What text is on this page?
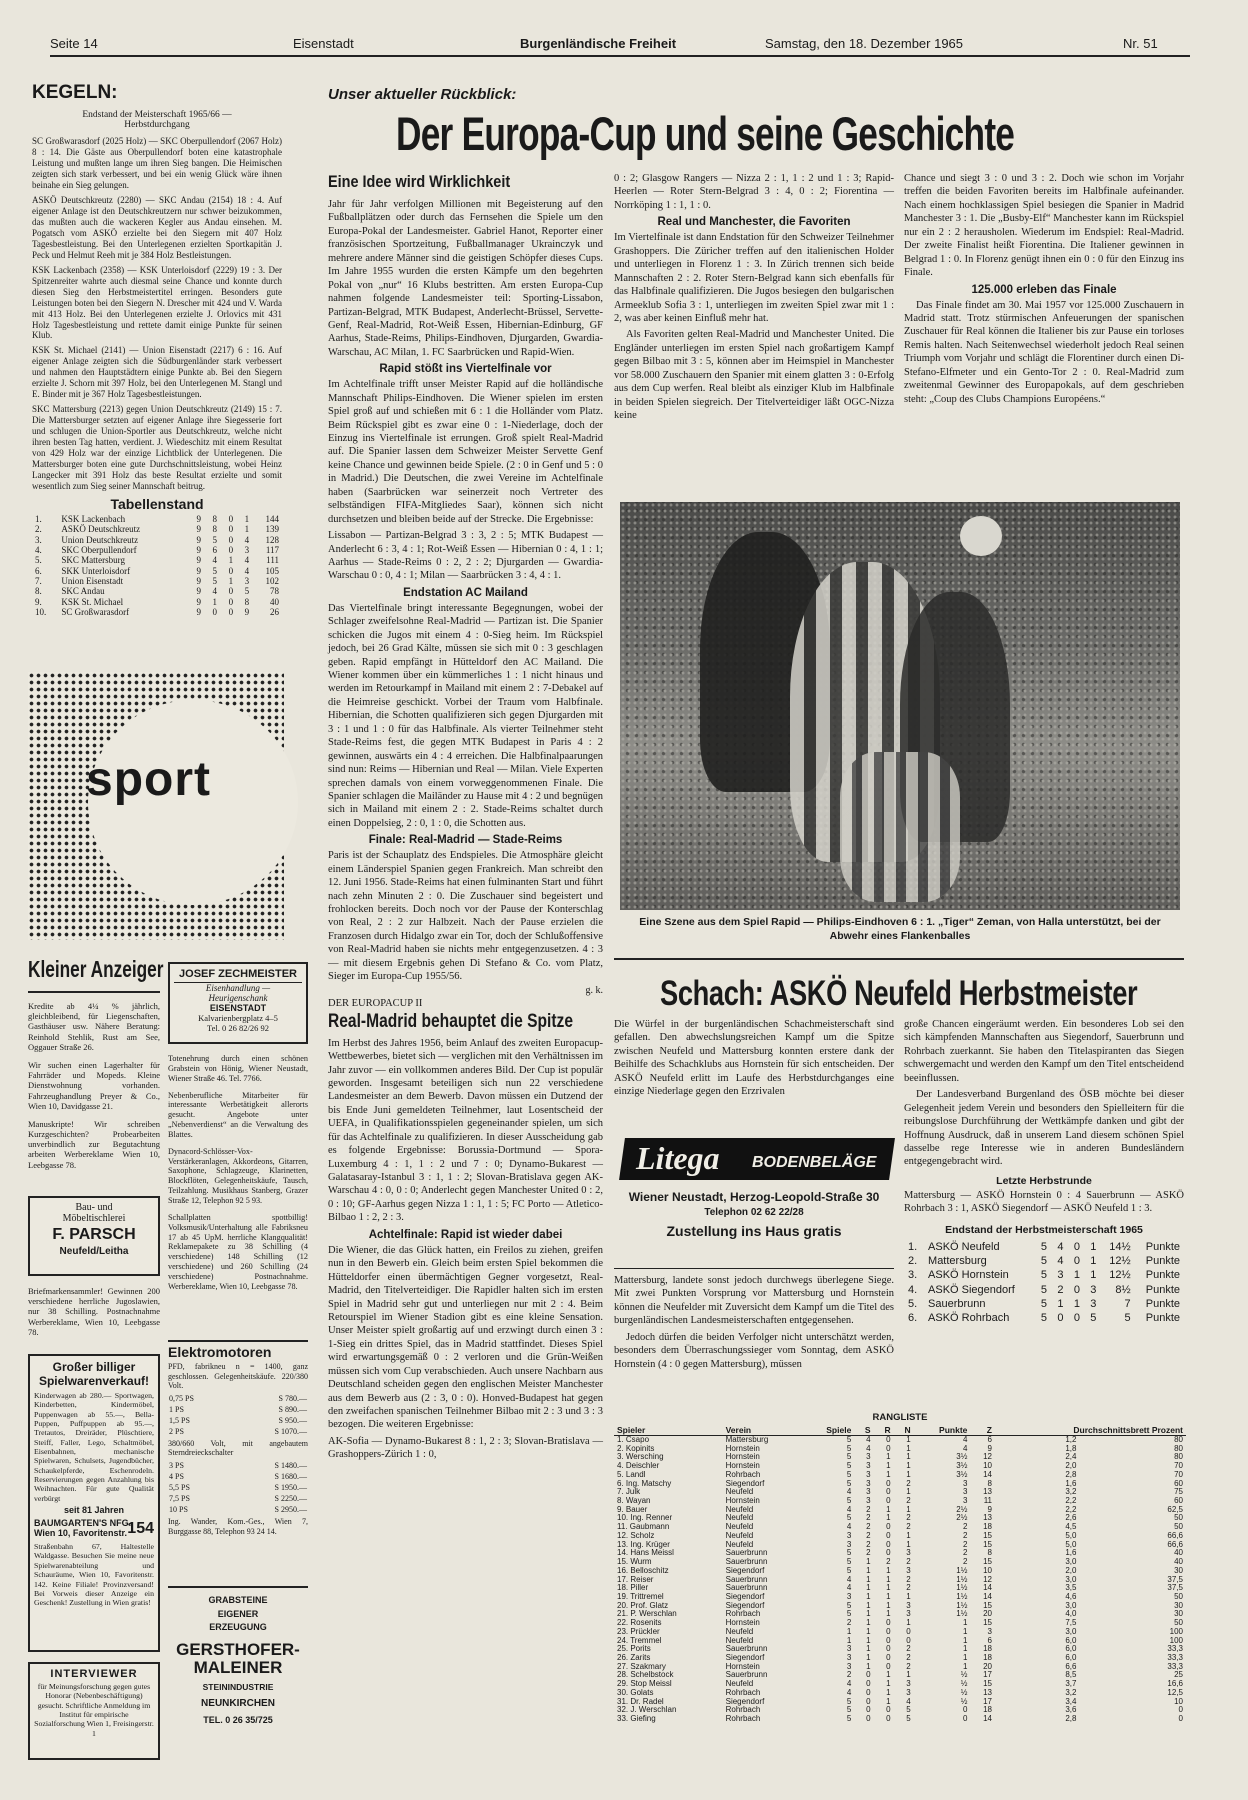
Seite 14	Eisenstadt	Burgenländische Freiheit	Samstag, den 18. Dezember 1965	Nr. 51
KEGELN:
Endstand der Meisterschaft 1965/66 —
Herbstdurchgang

SC Großwarasdorf (2025 Holz) — SKC Oberpullendorf (2067 Holz) 8 : 14. Die Gäste aus Oberpullendorf boten eine katastrophale Leistung und mußten lange um ihren Sieg bangen. Die Heimischen zeigten sich stark verbessert, und bei ein wenig Glück wäre ihnen beinahe ein Sieg gelungen.

ASKÖ Deutschkreutz (2280) — SKC Andau (2154) 18 : 4. Auf eigener Anlage ist den Deutschkreutzern nur schwer beizukommen, das mußten auch die wackeren Kegler aus Andau einsehen. M. Pogatsch vom ASKÖ erzielte bei den Siegern mit 407 Holz Tagesbestleistung. Bei den Unterlegenen erzielten Sportkapitän J. Peck und Helmut Reeh mit je 384 Holz Bestleistungen.

KSK Lackenbach (2358) — KSK Unterloisdorf (2229) 19 : 3. Der Spitzenreiter wahrte auch diesmal seine Chance und konnte durch diesen Sieg den Herbstmeistertitel erringen. Besonders gute Leistungen boten bei den Siegern N. Drescher mit 424 und V. Warda mit 413 Holz. Bei den Unterlegenen erzielte J. Orlovics mit 431 Holz Tagesbestleistung und rettete damit einige Punkte für seinen Klub.

KSK St. Michael (2141) — Union Eisenstadt (2217) 6 : 16. Auf eigener Anlage zeigten sich die Südburgenländer stark verbessert und nahmen den Hauptstädtern einige Punkte ab. Bei den Siegern erzielte J. Schorn mit 397 Holz, bei den Unterlegenen M. Stangl und E. Binder mit je 367 Holz Tagesbestleistungen.

SKC Mattersburg (2213) gegen Union Deutschkreutz (2149) 15 : 7. Die Mattersburger setzten auf eigener Anlage ihre Siegesserie fort und schlugen die Union-Sportler aus Deutschkreutz, welche nicht ihren besten Tag hatten, verdient. J. Wiedeschitz mit einem Resultat von 429 Holz war der einzige Lichtblick der Unterlegenen. Die Mattersburger boten eine gute Durchschnittsleistung, wobei Heinz Langecker mit 391 Holz das beste Resultat erzielte und somit wesentlich zum Sieg seiner Mannschaft beitrug.

Tabellenstand
1.	KSK Lackenbach	9	8	0	1	144
2.	ASKÖ Deutschkreutz	9	8	0	1	139
3.	Union Deutschkreutz	9	5	0	4	128
4.	SKC Oberpullendorf	9	6	0	3	117
5.	SKC Mattersburg	9	4	1	4	111
6.	SKK Unterloisdorf	9	5	0	4	105
7.	Union Eisenstadt	9	5	1	3	102
8.	SKC Andau	9	4	0	5	78
9.	KSK St. Michael	9	1	0	8	40
10.	SC Großwarasdorf	9	0	0	9	26
sport
Kleiner Anzeiger

Kredite ab 4¼ % jährlich, gleichbleibend, für Liegenschaften, Gasthäuser usw. Nähere Beratung: Reinhold Stehlik, Rust am See, Oggauer Straße 26.

Wir suchen einen Lagerhalter für Fahrräder und Mopeds. Kleine Dienstwohnung vorhanden. Fahrzeughandlung Preyer & Co., Wien 10, Davidgasse 21.

Manuskripte! Wir schreiben Kurzgeschichten? Probearbeiten unverbindlich zur Begutachtung arbeiten Werbereklame Wien 10, Leebgasse 78.

Bau- und
Möbeltischlerei
F. PARSCH
Neufeld/Leitha

Briefmarkensammler! Gewinnen 200 verschiedene herrliche Jugoslawien, nur 38 Schilling. Postnachnahme Werbereklame, Wien 10, Leebgasse 78.

Großer billiger
Spielwarenverkauf!
Kinderwagen ab 280.— Sportwagen, Kinderbetten, Kindermöbel, Puppenwagen ab 55.—, Bella-Puppen, Puffpuppen ab 95.—, Tretautos, Dreiräder, Plüschtiere, Steiff, Faller, Lego, Schaltmöbel, Eisenbahnen, mechanische Spielwaren, Schulsets, Jugendbücher, Schaukelpferde, Eschenrodeln. Reservierungen gegen Anzahlung bis Weihnachten. Für gute Qualität verbürgt
seit 81 Jahren
BAUMGARTEN'S NFG.
Wien 10, Favoritenstr. 154
Straßenbahn 67, Haltestelle Waldgasse. Besuchen Sie meine neue Spielwarenabteilung und Schauräume, Wien 10, Favoritenstr. 142. Keine Filiale! Provinzversand! Bei Vorweis dieser Anzeige ein Geschenk! Zustellung in Wien gratis!
INTERVIEWER
für Meinungsforschung gegen gutes Honorar (Nebenbeschäftigung) gesucht. Schriftliche Anmeldung im Institut für empirische Sozialforschung Wien 1, Freisingerstr. 1
JOSEF ZECHMEISTER
Eisenhandlung —
Heurigenschank
EISENSTADT
Kalvarienbergplatz 4–5
Tel. 0 26 82/26 92

Totenehrung durch einen schönen Grabstein von Hönig, Wiener Neustadt, Wiener Straße 46. Tel. 7766.

Nebenberufliche Mitarbeiter für interessante Werbetätigkeit allerorts gesucht. Angebote unter „Nebenverdienst“ an die Verwaltung des Blattes.

Dynacord-Schlösser-Vox-Verstärkeranlagen, Akkordeons, Gitarren, Saxophone, Schlagzeuge, Klarinetten, Blockflöten, Gelegenheitskäufe, Tausch, Teilzahlung. Musikhaus Stanberg, Grazer Straße 12, Telephon 92 5 93.

Schallplatten spottbillig! Volksmusik/Unterhaltung alle Fabriksneu 17 ab 45 UpM. herrliche Klangqualität! Reklamepakete zu 38 Schilling (4 verschiedene) 148 Schilling (12 verschiedene) und 260 Schilling (24 verschiedene) Postnachnahme. Werbereklame, Wien 10, Leebgasse 78.

Elektromotoren
PFD, fabrikneu n = 1400, ganz geschlossen. Gelegenheitskäufe. 220/380 Volt.
0,75 PS	S 780.—
1 PS	S 890.—
1,5 PS	S 950.—
2 PS	S 1070.—
380/660 Volt, mit angebautem Sterndreieckschalter
3 PS	S 1480.—
4 PS	S 1680.—
5,5 PS	S 1950.—
7,5 PS	S 2250.—
10 PS	S 2950.—
Ing. Wander, Kom.-Ges., Wien 7, Burggasse 88, Telephon 93 24 14.
GRABSTEINE
EIGENER
ERZEUGUNG
GERSTHOFER-
MALEINER
STEININDUSTRIE
NEUNKIRCHEN
TEL. 0 26 35/725
Unser aktueller Rückblick:
Der Europa-Cup und seine Geschichte
Eine Idee wird Wirklichkeit

Jahr für Jahr verfolgen Millionen mit Begeisterung auf den Fußballplätzen oder durch das Fernsehen die Spiele um den Europa-Pokal der Landesmeister. Gabriel Hanot, Reporter einer französischen Sportzeitung, Fußballmanager Ukrainczyk und mehrere andere Männer sind die geistigen Schöpfer dieses Cups. Im Jahre 1955 wurden die ersten Kämpfe um den begehrten Pokal von „nur“ 16 Klubs bestritten. Am ersten Europa-Cup nahmen folgende Landesmeister teil: Sporting-Lissabon, Partizan-Belgrad, MTK Budapest, Anderlecht-Brüssel, Servette-Genf, Real-Madrid, Rot-Weiß Essen, Hibernian-Edinburg, GF Aarhus, Stade-Reims, Philips-Eindhoven, Djurgarden, Gwardia-Warschau, AC Milan, 1. FC Saarbrücken und Rapid-Wien.

Rapid stößt ins Viertelfinale vor

Im Achtelfinale trifft unser Meister Rapid auf die holländische Mannschaft Philips-Eindhoven. Die Wiener spielen im ersten Spiel groß auf und schießen mit 6 : 1 die Holländer vom Platz. Beim Rückspiel gibt es zwar eine 0 : 1-Niederlage, doch der Einzug ins Viertelfinale ist errungen. Groß spielt Real-Madrid auf. Die Spanier lassen dem Schweizer Meister Servette Genf keine Chance und gewinnen beide Spiele. (2 : 0 in Genf und 5 : 0 in Madrid.) Die Deutschen, die zwei Vereine im Achtelfinale haben (Saarbrücken war seinerzeit noch Vertreter des selbständigen FIFA-Mitgliedes Saar), können sich nicht durchsetzen und bleiben beide auf der Strecke. Die Ergebnisse:

Lissabon — Partizan-Belgrad 3 : 3, 2 : 5; MTK Budapest — Anderlecht 6 : 3, 4 : 1; Rot-Weiß Essen — Hibernian 0 : 4, 1 : 1; Aarhus — Stade-Reims 0 : 2, 2 : 2; Djurgarden — Gwardia-Warschau 0 : 0, 4 : 1; Milan — Saarbrücken 3 : 4, 4 : 1.

Endstation AC Mailand

Das Viertelfinale bringt interessante Begegnungen, wobei der Schlager zweifelsohne Real-Madrid — Partizan ist. Die Spanier schicken die Jugos mit einem 4 : 0-Sieg heim. Im Rückspiel jedoch, bei 26 Grad Kälte, müssen sie sich mit 0 : 3 geschlagen geben. Rapid empfängt in Hütteldorf den AC Mailand. Die Wiener kommen über ein kümmerliches 1 : 1 nicht hinaus und werden im Retourkampf in Mailand mit einem 2 : 7-Debakel auf die Heimreise geschickt. Vorbei der Traum vom Halbfinale. Hibernian, die Schotten qualifizieren sich gegen Djurgarden mit 3 : 1 und 1 : 0 für das Halbfinale. Als vierter Teilnehmer steht Stade-Reims fest, die gegen MTK Budapest in Paris 4 : 2 gewinnen, auswärts ein 4 : 4 erreichen. Die Halbfinalpaarungen sind nun: Reims — Hibernian und Real — Milan. Viele Experten sprechen damals von einem vorweggenommenen Finale. Die Spanier schlagen die Mailänder zu Hause mit 4 : 2 und begnügen sich in Mailand mit einem 2 : 2. Stade-Reims schaltet durch einen Doppelsieg, 2 : 0, 1 : 0, die Schotten aus.

Finale: Real-Madrid — Stade-Reims

Paris ist der Schauplatz des Endspieles. Die Atmosphäre gleicht einem Länderspiel Spanien gegen Frankreich. Man schreibt den 12. Juni 1956. Stade-Reims hat einen fulminanten Start und führt nach zehn Minuten 2 : 0. Die Zuschauer sind begeistert und frohlocken bereits. Doch noch vor der Pause der Konterschlag von Real, 2 : 2 zur Halbzeit. Nach der Pause erzielen die Franzosen durch Hidalgo zwar ein Tor, doch der Schlußoffensive von Real-Madrid haben sie nichts mehr entgegenzusetzen. 4 : 3 — mit diesem Ergebnis gehen Di Stefano & Co. vom Platz, Sieger im Europa-Cup 1955/56.

g. k.
DER EUROPACUP II
Real-Madrid behauptet die Spitze

Im Herbst des Jahres 1956, beim Anlauf des zweiten Europacup-Wettbewerbes, bietet sich — verglichen mit den Verhältnissen im Jahr zuvor — ein vollkommen anderes Bild. Der Cup ist populär geworden. Insgesamt beteiligen sich nun 22 verschiedene Landesmeister an dem Bewerb. Davon müssen ein Dutzend der bis Ende Juni gemeldeten Teilnehmer, laut Losentscheid der UEFA, in Qualifikationsspielen gegeneinander spielen, um sich für das Achtelfinale zu qualifizieren. In dieser Ausscheidung gab es folgende Ergebnisse: Borussia-Dortmund — Spora-Luxemburg 4 : 1, 1 : 2 und 7 : 0; Dynamo-Bukarest — Galatasaray-Istanbul 3 : 1, 1 : 2; Slovan-Bratislava gegen AK-Warschau 4 : 0, 0 : 0; Anderlecht gegen Manchester United 0 : 2, 0 : 10; GF-Aarhus gegen Nizza 1 : 1, 1 : 5; FC Porto — Atletico-Bilbao 1 : 2, 2 : 3.

Achtelfinale: Rapid ist wieder dabei

Die Wiener, die das Glück hatten, ein Freilos zu ziehen, greifen nun in den Bewerb ein. Gleich beim ersten Spiel bekommen die Hütteldorfer einen übermächtigen Gegner vorgesetzt, Real-Madrid, den Titelverteidiger. Die Rapidler halten sich im ersten Spiel in Madrid sehr gut und unterliegen nur mit 2 : 4. Beim Retourspiel im Wiener Stadion gibt es eine kleine Sensation. Unser Meister spielt großartig auf und erzwingt durch einen 3 : 1-Sieg ein drittes Spiel, das in Madrid stattfindet. Dieses Spiel wird erwartungsgemäß 0 : 2 verloren und die Grün-Weißen müssen sich vom Cup verabschieden. Auch unsere Nachbarn aus Deutschland scheiden gegen den englischen Meister Manchester aus dem Bewerb aus (2 : 3, 0 : 0). Honved-Budapest hat gegen den zweifachen spanischen Teilnehmer Bilbao mit 2 : 3 und 3 : 3 bezogen. Die weiteren Ergebnisse:

AK-Sofia — Dynamo-Bukarest 8 : 1, 2 : 3; Slovan-Bratislava — Grashoppers-Zürich 1 : 0,

0 : 2; Glasgow Rangers — Nizza 2 : 1, 1 : 2 und 1 : 3; Rapid-Heerlen — Roter Stern-Belgrad 3 : 4, 0 : 2; Fiorentina — Norrköping 1 : 1, 1 : 0.

Real und Manchester, die Favoriten

Im Viertelfinale ist dann Endstation für den Schweizer Teilnehmer Grashoppers. Die Züricher treffen auf den italienischen Holder und unterliegen in Florenz 1 : 3. In Zürich trennen sich beide Mannschaften 2 : 2. Roter Stern-Belgrad kann sich ebenfalls für das Halbfinale qualifizieren. Die Jugos besiegen den bulgarischen Armeeklub Sofia 3 : 1, unterliegen im zweiten Spiel zwar mit 1 : 2, was aber keinen Einfluß mehr hat.

Als Favoriten gelten Real-Madrid und Manchester United. Die Engländer unterliegen im ersten Spiel nach großartigem Kampf gegen Bilbao mit 3 : 5, können aber im Heimspiel in Manchester vor 58.000 Zuschauern den Spanier mit einem glatten 3 : 0-Erfolg aus dem Cup werfen. Real bleibt als einziger Klub im Halbfinale in beiden Spielen siegreich. Der Titelverteidiger läßt OGC-Nizza keine

Chance und siegt 3 : 0 und 3 : 2. Doch wie schon im Vorjahr treffen die beiden Favoriten bereits im Halbfinale aufeinander. Nach einem hochklassigen Spiel besiegen die Spanier in Madrid Manchester 3 : 1. Die „Busby-Elf“ Manchester kann im Rückspiel nur ein 2 : 2 herausholen. Wiederum im Endspiel: Real-Madrid. Der zweite Finalist heißt Fiorentina. Die Italiener gewinnen in Belgrad 1 : 0. In Florenz genügt ihnen ein 0 : 0 für den Einzug ins Finale.

125.000 erleben das Finale

Das Finale findet am 30. Mai 1957 vor 125.000 Zuschauern in Madrid statt. Trotz stürmischen Anfeuerungen der spanischen Zuschauer für Real können die Italiener bis zur Pause ein torloses Remis halten. Nach Seitenwechsel wiederholt jedoch Real seinen Triumph vom Vorjahr und schlägt die Florentiner durch einen Di-Stefano-Elfmeter und ein Gento-Tor 2 : 0. Real-Madrid zum zweitenmal Gewinner des Europapokals, auf dem geschrieben steht: „Coup des Clubs Champions Européens.“

Eine Szene aus dem Spiel Rapid — Philips-Eindhoven 6 : 1. „Tiger“ Zeman, von Halla unterstützt, bei der Abwehr eines Flankenballes
Schach: ASKÖ Neufeld Herbstmeister

Die Würfel in der burgenländischen Schachmeisterschaft sind gefallen. Den abwechslungsreichen Kampf um die Spitze zwischen Neufeld und Mattersburg konnten erstere dank der Beihilfe des Schachklubs aus Hornstein für sich entscheiden. Der ASKÖ Neufeld erlitt im Laufe des Herbstdurchganges eine einzige Niederlage gegen den Erzrivalen

Litega BODENBELÄGE
Wiener Neustadt, Herzog-Leopold-Straße 30
Telephon 02 62 22/28
Zustellung ins Haus gratis

Mattersburg, landete sonst jedoch durchwegs überlegene Siege. Mit zwei Punkten Vorsprung vor Mattersburg und Hornstein können die Neufelder mit Zuversicht dem Kampf um die Titel des burgenländischen Landesmeisterschaften entgegensehen.

Jedoch dürfen die beiden Verfolger nicht unterschätzt werden, besonders dem Überraschungssieger vom Sonntag, dem ASKÖ Hornstein (4 : 0 gegen Mattersburg), müssen

große Chancen eingeräumt werden. Ein besonderes Lob sei den sich kämpfenden Mannschaften aus Siegendorf, Sauerbrunn und Rohrbach zuerkannt. Sie haben den Titelaspiranten das Siegen schwergemacht und werden den Kampf um den Titel entscheidend beeinflussen.

Der Landesverband Burgenland des ÖSB möchte bei dieser Gelegenheit jedem Verein und besonders den Spielleitern für die reibungslose Durchführung der Wettkämpfe danken und gibt der Hoffnung Ausdruck, daß in unserem Land diesem schönen Spiel dasselbe rege Interesse wie in anderen Bundesländern entgegengebracht wird.

Letzte Herbstrunde

Mattersburg — ASKÖ Hornstein 0 : 4 Sauerbrunn — ASKÖ Rohrbach 3 : 1, ASKÖ Siegendorf — ASKÖ Neufeld 1 : 3.

Endstand der Herbstmeisterschaft 1965
1.	ASKÖ Neufeld	5	4	0	1	14½	Punkte
2.	Mattersburg	5	4	0	1	12½	Punkte
3.	ASKÖ Hornstein	5	3	1	1	12½	Punkte
4.	ASKÖ Siegendorf	5	2	0	3	8½	Punkte
5.	Sauerbrunn	5	1	1	3	7	Punkte
6.	ASKÖ Rohrbach	5	0	0	5	5	Punkte
RANGLISTE
Spieler	Verein	Spiele	S	R	N	Punkte	Z	Durchschnittsbrett Prozent	
1. Csapo	Mattersburg	5	4	0	1	4	6	1,2	80
2. Kopinits	Hornstein	5	4	0	1	4	9	1,8	80
3. Wersching	Hornstein	5	3	1	1	3½	12	2,4	80
4. Deischler	Hornstein	5	3	1	1	3½	10	2,0	70
5. Landl	Rohrbach	5	3	1	1	3½	14	2,8	70
6. Ing. Matschy	Siegendorf	5	3	0	2	3	8	1,6	60
7. Julk	Neufeld	4	3	0	1	3	13	3,2	75
8. Wayan	Hornstein	5	3	0	2	3	11	2,2	60
9. Bauer	Neufeld	4	2	1	1	2½	9	2,2	62,5
10. Ing. Renner	Neufeld	5	2	1	2	2½	13	2,6	50
11. Gaubmann	Neufeld	4	2	0	2	2	18	4,5	50
12. Scholz	Neufeld	3	2	0	1	2	15	5,0	66,6
13. Ing. Krüger	Neufeld	3	2	0	1	2	15	5,0	66,6
14. Hans Meissl	Sauerbrunn	5	2	0	3	2	8	1,6	40
15. Wurm	Sauerbrunn	5	1	2	2	2	15	3,0	40
16. Belloschitz	Siegendorf	5	1	1	3	1½	10	2,0	30
17. Reiser	Sauerbrunn	4	1	1	2	1½	12	3,0	37,5
18. Piller	Sauerbrunn	4	1	1	2	1½	14	3,5	37,5
19. Trittremel	Siegendorf	3	1	1	1	1½	14	4,6	50
20. Prof. Glatz	Siegendorf	5	1	1	3	1½	15	3,0	30
21. P. Werschlan	Rohrbach	5	1	1	3	1½	20	4,0	30
22. Rosenits	Hornstein	2	1	0	1	1	15	7,5	50
23. Prückler	Neufeld	1	1	0	0	1	3	3,0	100
24. Tremmel	Neufeld	1	1	0	0	1	6	6,0	100
25. Porits	Sauerbrunn	3	1	0	2	1	18	6,0	33,3
26. Zarits	Siegendorf	3	1	0	2	1	18	6,0	33,3
27. Szakmary	Hornstein	3	1	0	2	1	20	6,6	33,3
28. Schelbstock	Sauerbrunn	2	0	1	1	½	17	8,5	25
29. Stop Meissl	Neufeld	4	0	1	3	½	15	3,7	16,6
30. Golats	Rohrbach	4	0	1	3	½	13	3,2	12,5
31. Dr. Radel	Siegendorf	5	0	1	4	½	17	3,4	10
32. J. Werschlan	Rohrbach	5	0	0	5	0	18	3,6	0
33. Giefing	Rohrbach	5	0	0	5	0	14	2,8	0
